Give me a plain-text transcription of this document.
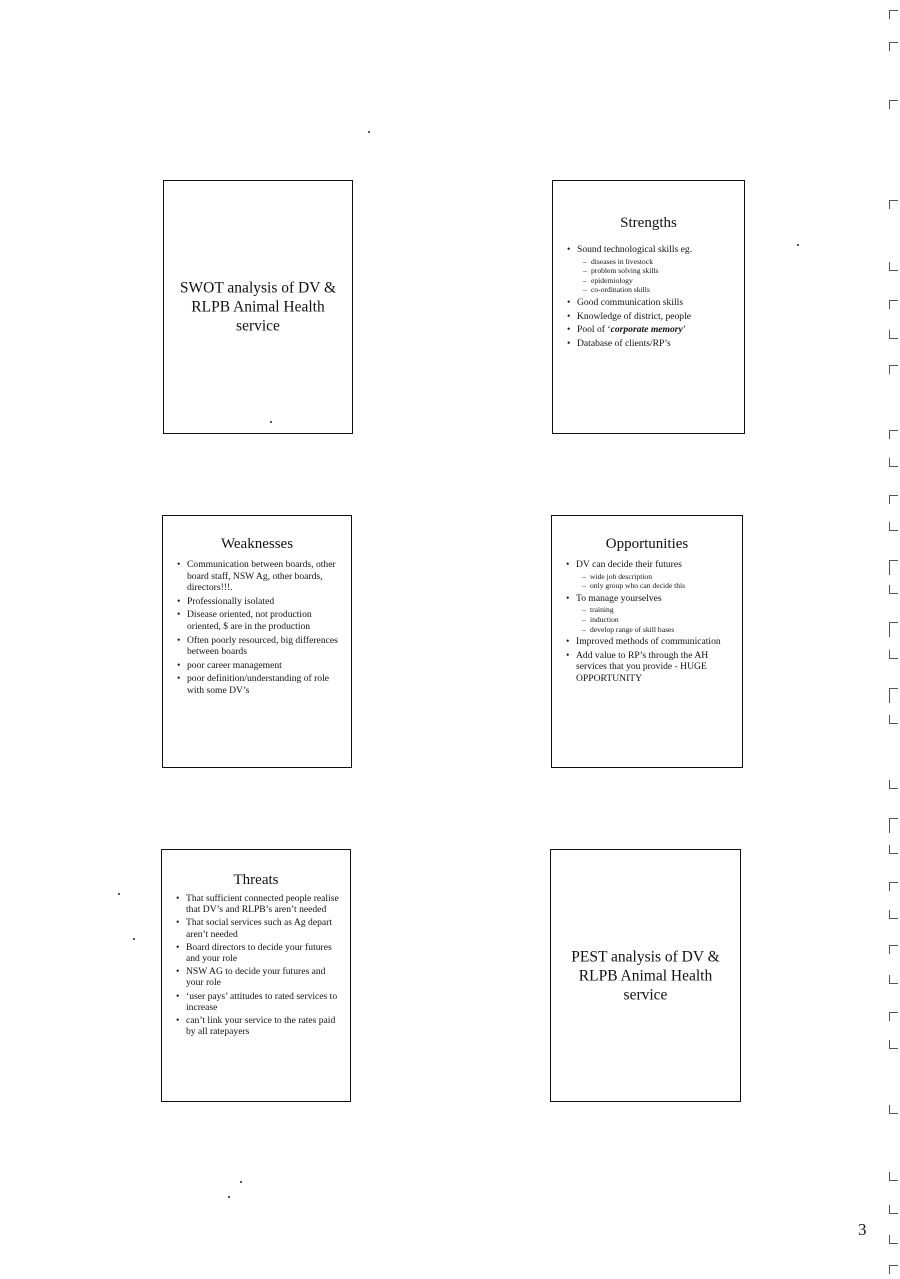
SWOT analysis of DV & RLPB Animal Health service

Strengths

• Sound technological skills eg.
– diseases in livestock
– problem solving skills
– epidemiology
– co-ordination skills
• Good communication skills
• Knowledge of district, people
• Pool of ‘corporate memory’
• Database of clients/RP’s

Weaknesses

• Communication between boards, other board staff, NSW Ag, other boards, directors!!!.
• Professionally isolated
• Disease oriented, not production oriented, $ are in the production
• Often poorly resourced, big differences between boards
• poor career management
• poor definition/understanding of role with some DV’s

Opportunities

• DV can decide their futures
– wide job description
– only group who can decide this
• To manage yourselves
– training
– induction
– develop range of skill bases
• Improved methods of communication
• Add value to RP’s through the AH services that you provide - HUGE OPPORTUNITY

Threats

• That sufficient connected people realise that DV’s and RLPB’s aren’t needed
• That social services such as Ag depart aren’t needed
• Board directors to decide your futures and your role
• NSW AG to decide your futures and your role
• ‘user pays’ attitudes to rated services to increase
• can’t link your service to the rates paid by all ratepayers

PEST analysis of DV & RLPB Animal Health service

3
